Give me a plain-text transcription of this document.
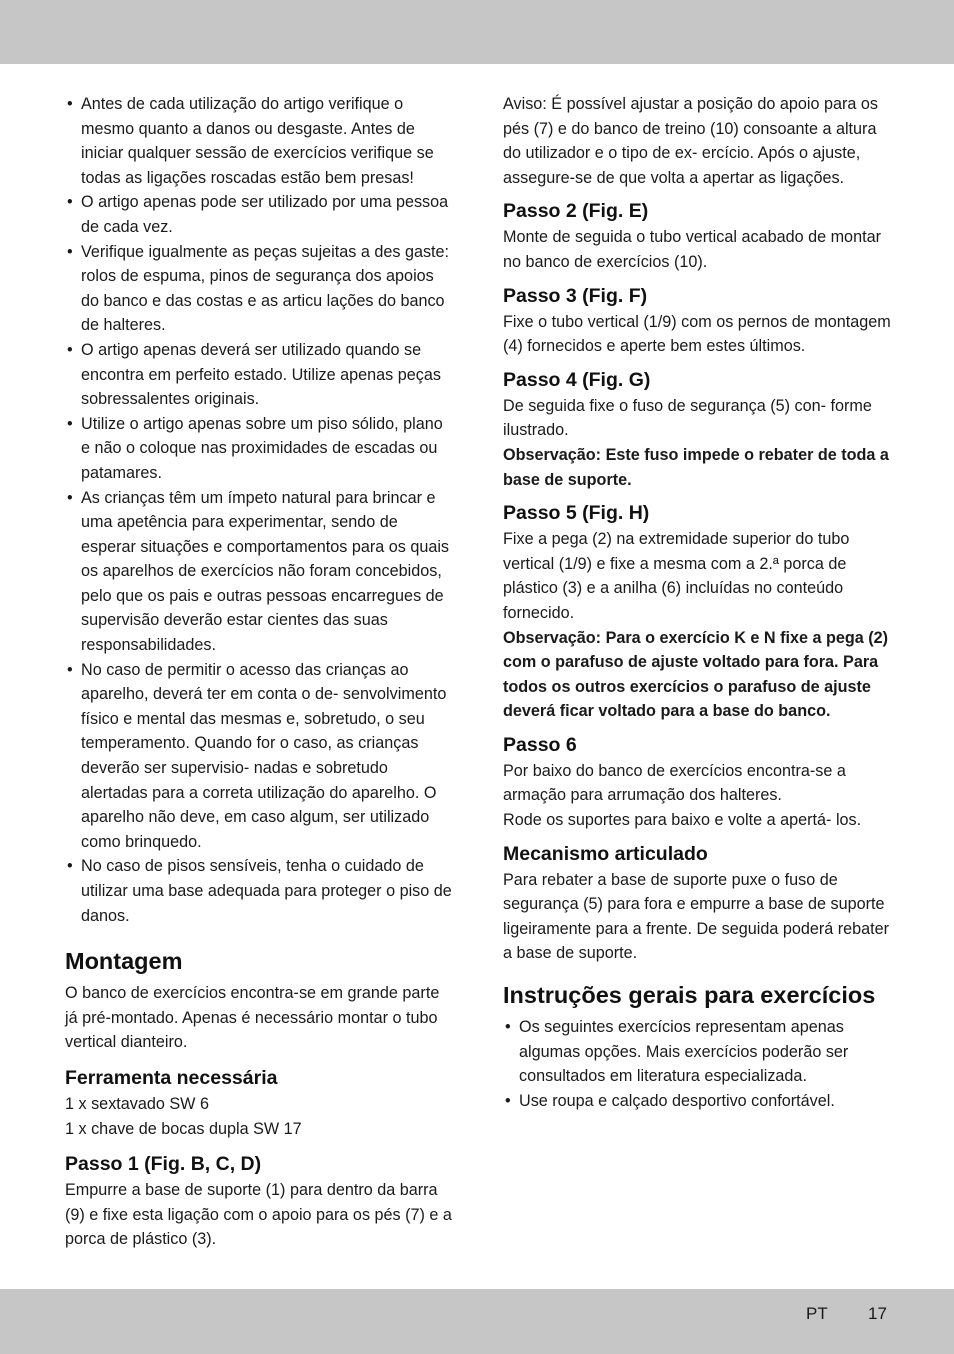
• Antes de cada utilização do artigo verifique o mesmo quanto a danos ou desgaste. Antes de iniciar qualquer sessão de exercícios verifique se todas as ligações roscadas estão bem presas!
• O artigo apenas pode ser utilizado por uma pessoa de cada vez.
• Verifique igualmente as peças sujeitas a des gaste: rolos de espuma, pinos de segurança dos apoios do banco e das costas e as articu lações do banco de halteres.
• O artigo apenas deverá ser utilizado quando se encontra em perfeito estado. Utilize apenas peças sobressalentes originais.
• Utilize o artigo apenas sobre um piso sólido, plano e não o coloque nas proximidades de escadas ou patamares.
• As crianças têm um ímpeto natural para brincar e uma apetência para experimentar, sendo de esperar situações e comportamentos para os quais os aparelhos de exercícios não foram concebidos, pelo que os pais e outras pessoas encarregues de supervisão deverão estar cientes das suas responsabilidades.
• No caso de permitir o acesso das crianças ao aparelho, deverá ter em conta o de- senvolvimento físico e mental das mesmas e, sobretudo, o seu temperamento. Quando for o caso, as crianças deverão ser supervisio- nadas e sobretudo alertadas para a correta utilização do aparelho. O aparelho não deve, em caso algum, ser utilizado como brinquedo.
• No caso de pisos sensíveis, tenha o cuidado de utilizar uma base adequada para proteger o piso de danos.
Montagem

O banco de exercícios encontra-se em grande parte já pré-montado. Apenas é necessário montar o tubo vertical dianteiro.

Ferramenta necessária

1 x sextavado SW 6

1 x chave de bocas dupla SW 17

Passo 1 (Fig. B, C, D)

Empurre a base de suporte (1) para dentro da barra (9) e fixe esta ligação com o apoio para os pés (7) e a porca de plástico (3).

Aviso: É possível ajustar a posição do apoio para os pés (7) e do banco de treino (10) consoante a altura do utilizador e o tipo de ex- ercício. Após o ajuste, assegure-se de que volta a apertar as ligações.

Passo 2 (Fig. E)

Monte de seguida o tubo vertical acabado de montar no banco de exercícios (10).

Passo 3 (Fig. F)

Fixe o tubo vertical (1/9) com os pernos de montagem (4) fornecidos e aperte bem estes últimos.

Passo 4 (Fig. G)

De seguida fixe o fuso de segurança (5) con- forme ilustrado.

Observação: Este fuso impede o rebater de toda a base de suporte.

Passo 5 (Fig. H)

Fixe a pega (2) na extremidade superior do tubo vertical (1/9) e fixe a mesma com a 2.ª porca de plástico (3) e a anilha (6) incluídas no conteúdo fornecido.

Observação: Para o exercício K e N fixe a pega (2) com o parafuso de ajuste voltado para fora. Para todos os outros exercícios o parafuso de ajuste deverá ficar voltado para a base do banco.

Passo 6

Por baixo do banco de exercícios encontra-se a armação para arrumação dos halteres.

Rode os suportes para baixo e volte a apertá- los.

Mecanismo articulado

Para rebater a base de suporte puxe o fuso de segurança (5) para fora e empurre a base de suporte ligeiramente para a frente. De seguida poderá rebater a base de suporte.

Instruções gerais para exercícios
• Os seguintes exercícios representam apenas algumas opções. Mais exercícios poderão ser consultados em literatura especializada.
• Use roupa e calçado desportivo confortável.
PT 17
